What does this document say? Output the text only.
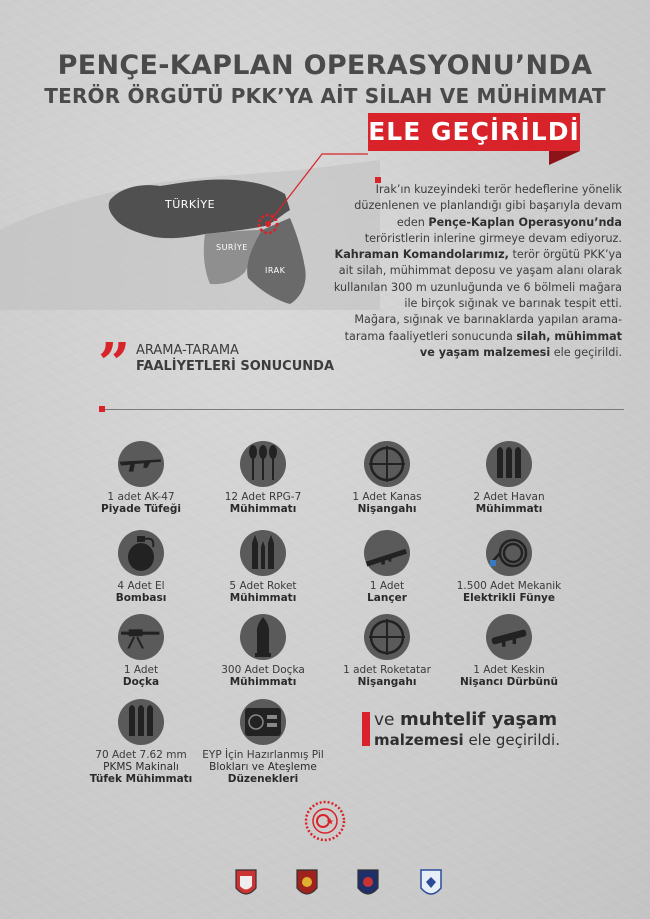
PENÇE-KAPLAN OPERASYONU’NDA
TERÖR ÖRGÜTÜ PKK’YA AİT SİLAH VE MÜHİMMAT
ELE GEÇİRİLDİ
TÜRKİYE
SURİYE
IRAK
Irak’ın kuzeyindeki terör hedeflerine yönelik düzenlenen ve planlandığı gibi başarıyla devam eden Pençe-Kaplan Operasyonu’nda teröristlerin inlerine girmeye devam ediyoruz.
Kahraman Komandolarımız, terör örgütü PKK’ya ait silah, mühimmat deposu ve yaşam alanı olarak kullanılan 300 m uzunluğunda ve 6 bölmeli mağara ile birçok sığınak ve barınak tespit etti.
Mağara, sığınak ve barınaklarda yapılan arama-tarama faaliyetleri sonucunda silah, mühimmat ve yaşam malzemesi ele geçirildi.
” ARAMA-TARAMA
FAALİYETLERİ SONUCUNDA
1 adet AK-47
Piyade Tüfeği
12 Adet RPG-7
Mühimmatı
1 Adet Kanas
Nişangahı
2 Adet Havan
Mühimmatı
4 Adet El
Bombası
5 Adet Roket
Mühimmatı
1 Adet
Lançer
1.500 Adet Mekanik
Elektrikli Fünye
1 Adet
Doçka
300 Adet Doçka
Mühimmatı
1 adet Roketatar
Nişangahı
1 Adet Keskin
Nişancı Dürbünü
70 Adet 7.62 mm
PKMS Makinalı
Tüfek Mühimmatı
EYP İçin Hazırlanmış Pil
Blokları ve Ateşleme
Düzenekleri
ve muhtelif yaşam
malzemesi ele geçirildi.
